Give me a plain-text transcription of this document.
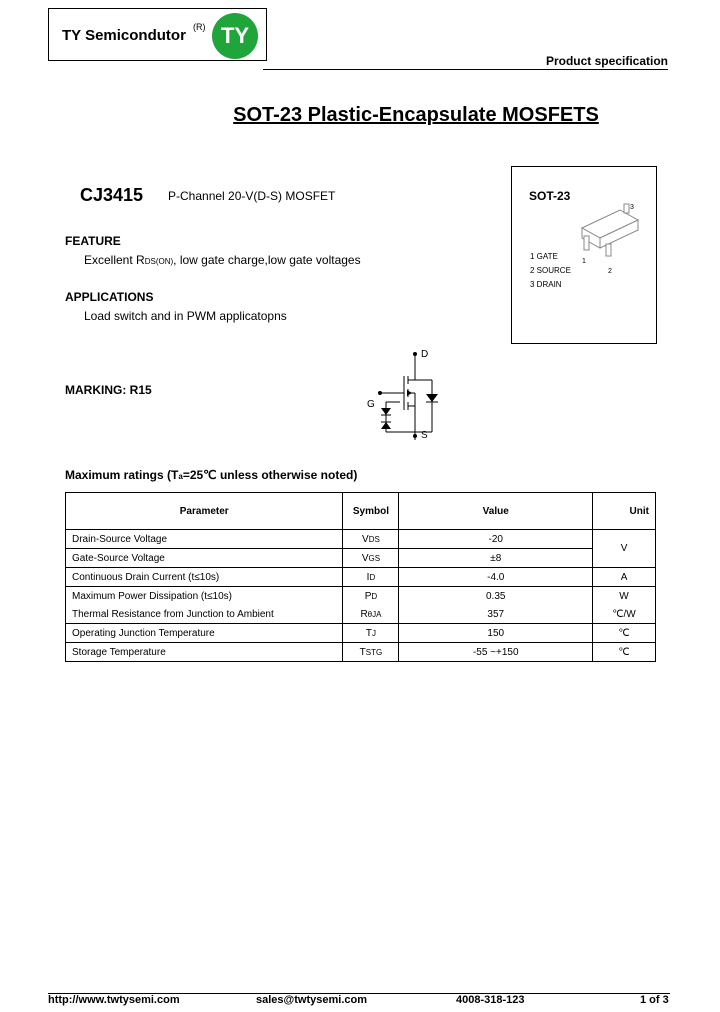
TY Semicondutor (R) TY
Product specification
SOT-23 Plastic-Encapsulate MOSFETS
CJ3415 P-Channel 20-V(D-S) MOSFET	SOT-23
3
1
2
1 GATE
2 SOURCE
3 DRAIN
FEATURE
Excellent RDS(ON), low gate charge,low gate voltages
APPLICATIONS
Load switch and in PWM applicatopns
MARKING: R15
D
G
S
Maximum ratings (Ta=25℃ unless otherwise noted)
Parameter	Symbol	Value	Unit
Drain-Source Voltage	VDS	-20	V
Gate-Source Voltage	VGS	±8	
Continuous Drain Current (t≤10s)	ID	-4.0	A
Maximum Power Dissipation (t≤10s)	PD	0.35	W
Thermal Resistance from Junction to Ambient	RθJA	357	℃/W
Operating Junction Temperature	TJ	150	℃
Storage Temperature	TSTG	-55 ~+150	℃
http://www.twtysemi.com	sales@twtysemi.com	4008-318-123	1 of 3
